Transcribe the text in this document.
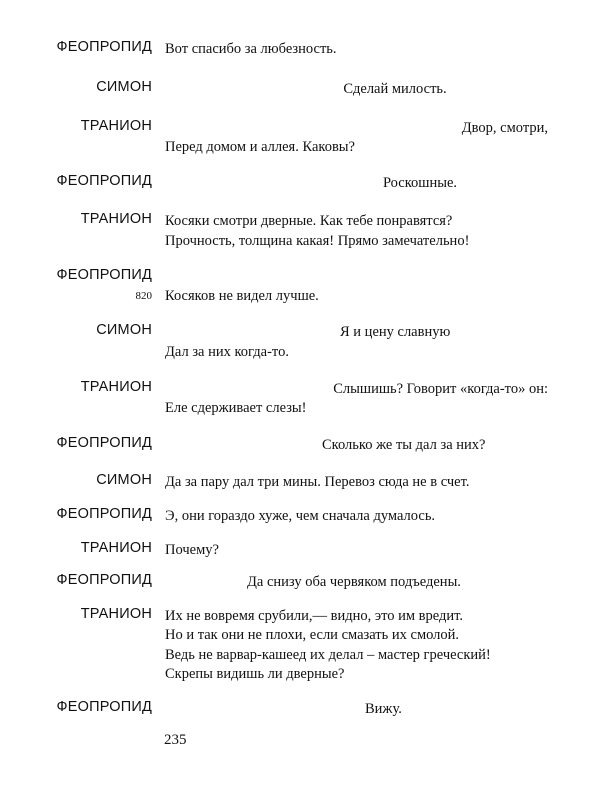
ФЕОПРОПИД Вот спасибо за любезность.
СИМОН	Сделай милость.
ТРАНИОН	Двор, смотри,
Перед домом и аллея. Каковы?
ФЕОПРОПИД	Роскошные.
ТРАНИОН Косяки смотри дверные. Как тебе понравятся?
Прочность, толщина какая! Прямо замечательно!
ФЕОПРОПИД
820 Косяков не видел лучше.
СИМОН	Я и цену славную
Дал за них когда-то.
ТРАНИОН	Слышишь? Говорит «когда-то» он:
Еле сдерживает слезы!
ФЕОПРОПИД	Сколько же ты дал за них?
СИМОН Да за пару дал три мины. Перевоз сюда не в счет.
ФЕОПРОПИД Э, они гораздо хуже, чем сначала думалось.
ТРАНИОН Почему?
ФЕОПРОПИД	Да снизу оба червяком подъедены.
ТРАНИОН Их не вовремя срубили,— видно, это им вредит.
Но и так они не плохи, если смазать их смолой.
Ведь не варвар-кашеед их делал – мастер греческий!
Скрепы видишь ли дверные?
ФЕОПРОПИД	Вижу.
235
